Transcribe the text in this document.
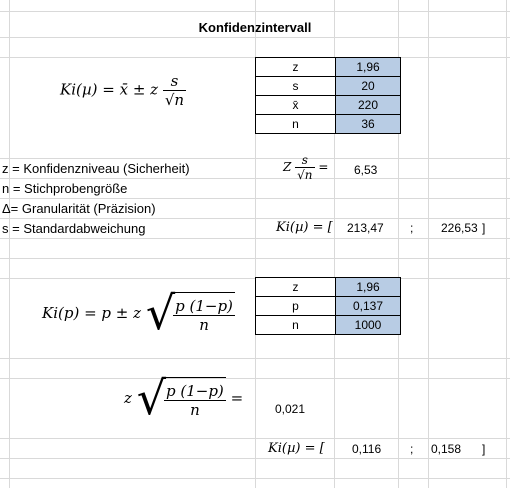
Konfidenzintervall
Ki(µ) = x̄ ± z $\frac{s}{√n}$
z	1,96
s	20
x̄	220
n	36
z = Konfidenzniveau (Sicherheit)
n = Stichprobengröße
Δ= Granularität (Präzision)
s = Standardabweichung
Z $\frac{s}{√n} = 6,53$
Ki(µ) = [ 213,47 ; 226,53 ]
Ki(p) = p ± z √
$\frac{p (1-p)}{n}$
z	1,96
p	0,137
n	1000
z √
$\frac{p (1-p)}{n}$ =
0,021
Ki(µ) = [ 0,116 ; 0,158 ]
